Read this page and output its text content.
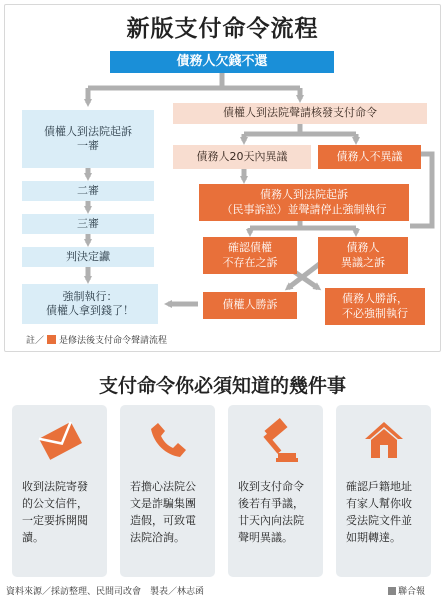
新版支付命令流程
債務人欠錢不還
債權人到法院起訴
一審
二審
三審
判決定讞
強制執行：
債權人拿到錢了！
債權人到法院聲請核發支付命令
債務人20天內異議	債務人不異議
債務人到法院起訴
（民事訴訟）並聲請停止強制執行
確認債權
不存在之訴
債務人
異議之訴
債權人勝訴	債務人勝訴，
不必強制執行
註／ 是修法後支付命令聲請流程
支付命令你必須知道的幾件事
收到法院寄發
的公文信件，
一定要拆開閱
讀。
若擔心法院公
文是詐騙集團
造假，可致電
法院洽詢。
收到支付命令
後若有爭議，
廿天內向法院
聲明異議。
確認戶籍地址
有家人幫你收
受法院文件並
如期轉達。
資料來源／採訪整理、民間司改會　製表／林志函	聯合報
